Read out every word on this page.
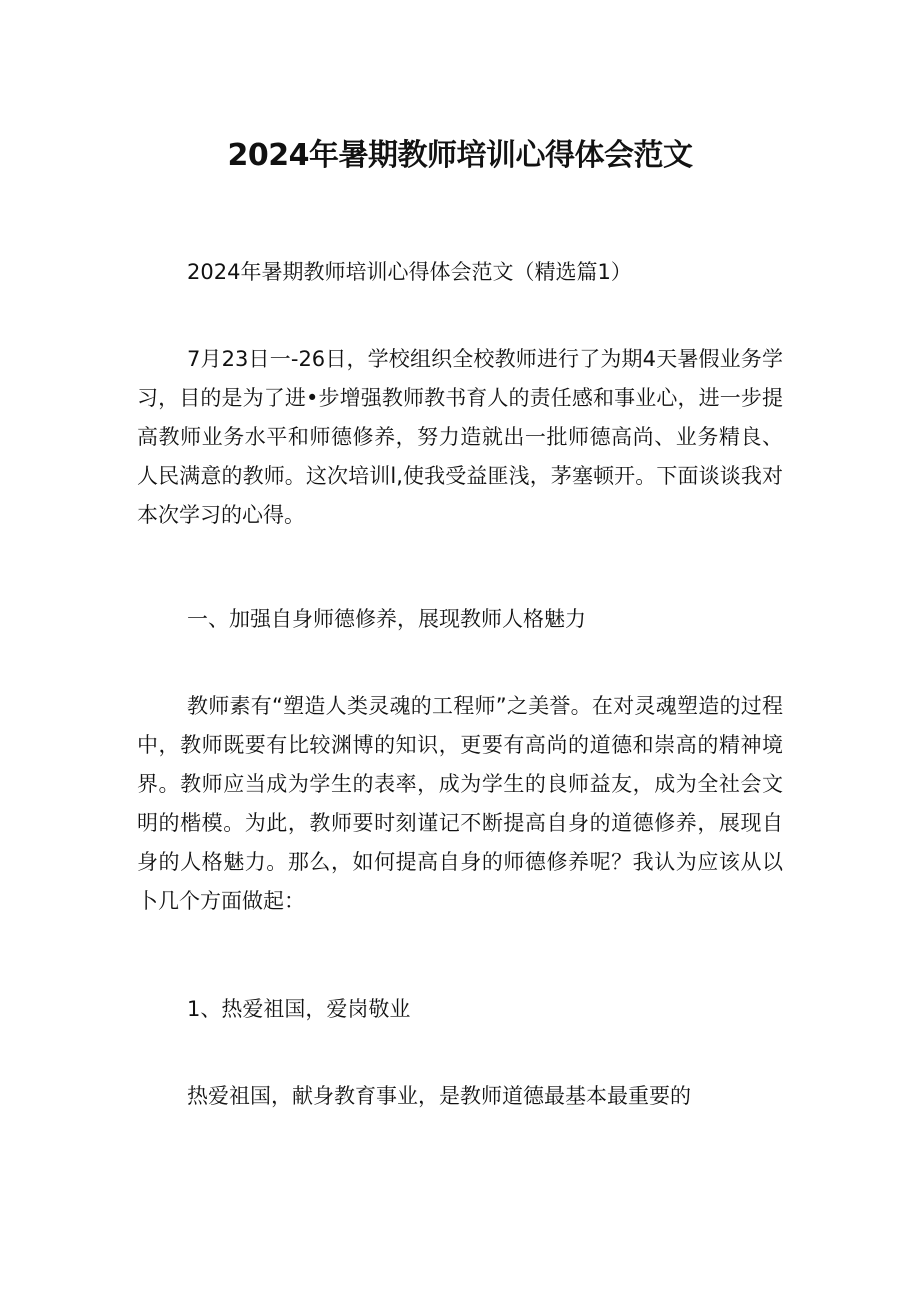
2024年暑期教师培训心得体会范文

2024年暑期教师培训心得体会范文（精选篇1）

7月23日一-26日，学校组织全校教师进行了为期4天暑假业务学习，目的是为了进•步增强教师教书育人的责任感和事业心，进一步提高教师业务水平和师德修养，努力造就出一批师德高尚、业务精良、人民满意的教师。这次培训l,使我受益匪浅，茅塞顿开。下面谈谈我对本次学习的心得。

一、加强自身师德修养，展现教师人格魅力

教师素有“塑造人类灵魂的工程师”之美誉。在对灵魂塑造的过程中，教师既要有比较渊博的知识，更要有高尚的道德和崇高的精神境界。教师应当成为学生的表率，成为学生的良师益友，成为全社会文明的楷模。为此，教师要时刻谨记不断提高自身的道德修养，展现自身的人格魅力。那么，如何提高自身的师德修养呢？我认为应该从以卜几个方面做起：

1、热爱祖国，爱岗敬业

热爱祖国，献身教育事业，是教师道德最基本最重要的
